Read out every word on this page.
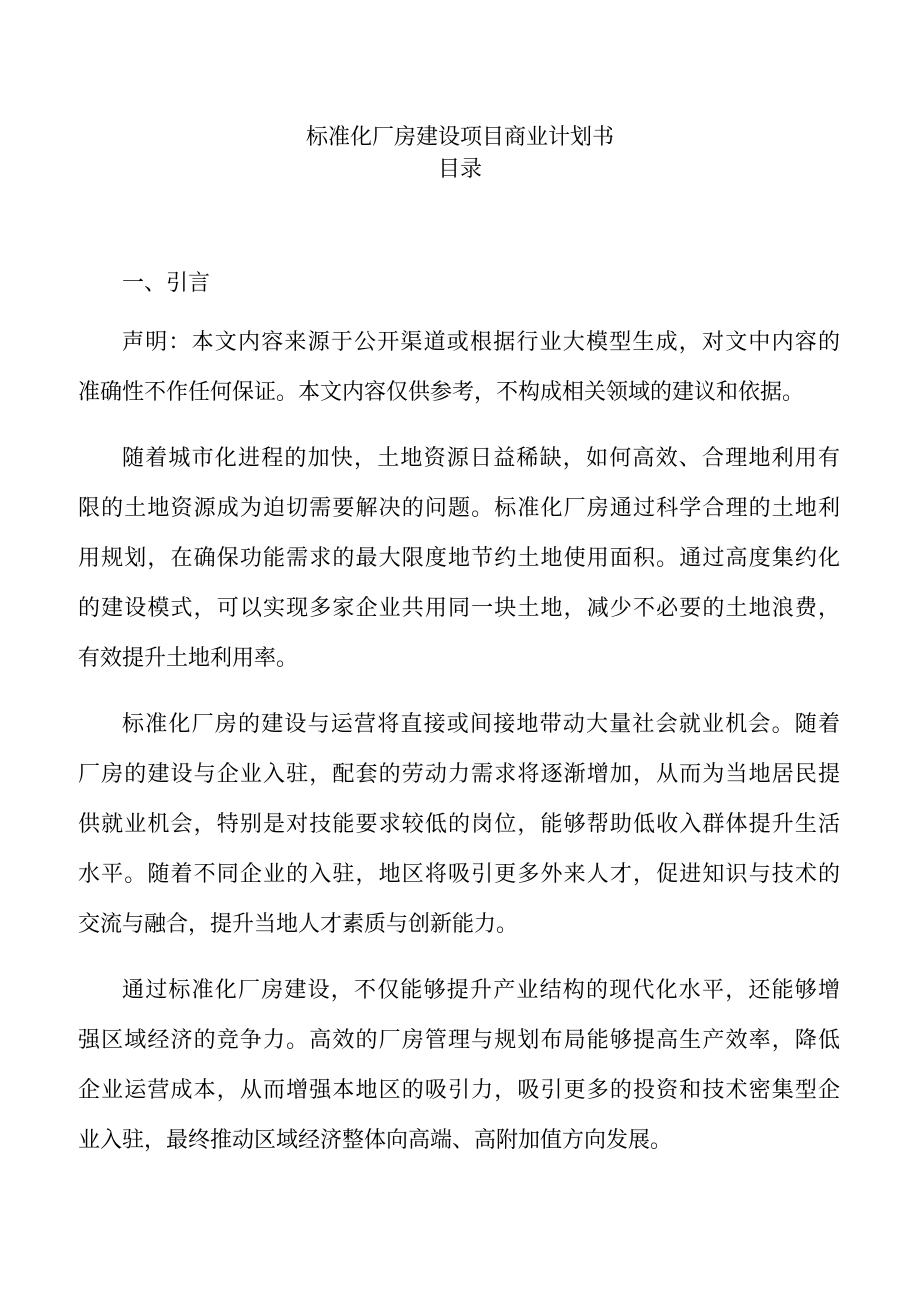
标准化厂房建设项目商业计划书
目录
一、引言
声明：本文内容来源于公开渠道或根据行业大模型生成，对文中内容的
准确性不作任何保证。本文内容仅供参考，不构成相关领域的建议和依据。
随着城市化进程的加快，土地资源日益稀缺，如何高效、合理地利用有
限的土地资源成为迫切需要解决的问题。标准化厂房通过科学合理的土地利
用规划，在确保功能需求的最大限度地节约土地使用面积。通过高度集约化
的建设模式，可以实现多家企业共用同一块土地，减少不必要的土地浪费，
有效提升土地利用率。
标准化厂房的建设与运营将直接或间接地带动大量社会就业机会。随着
厂房的建设与企业入驻，配套的劳动力需求将逐渐增加，从而为当地居民提
供就业机会，特别是对技能要求较低的岗位，能够帮助低收入群体提升生活
水平。随着不同企业的入驻，地区将吸引更多外来人才，促进知识与技术的
交流与融合，提升当地人才素质与创新能力。
通过标准化厂房建设，不仅能够提升产业结构的现代化水平，还能够增
强区域经济的竞争力。高效的厂房管理与规划布局能够提高生产效率，降低
企业运营成本，从而增强本地区的吸引力，吸引更多的投资和技术密集型企
业入驻，最终推动区域经济整体向高端、高附加值方向发展。
